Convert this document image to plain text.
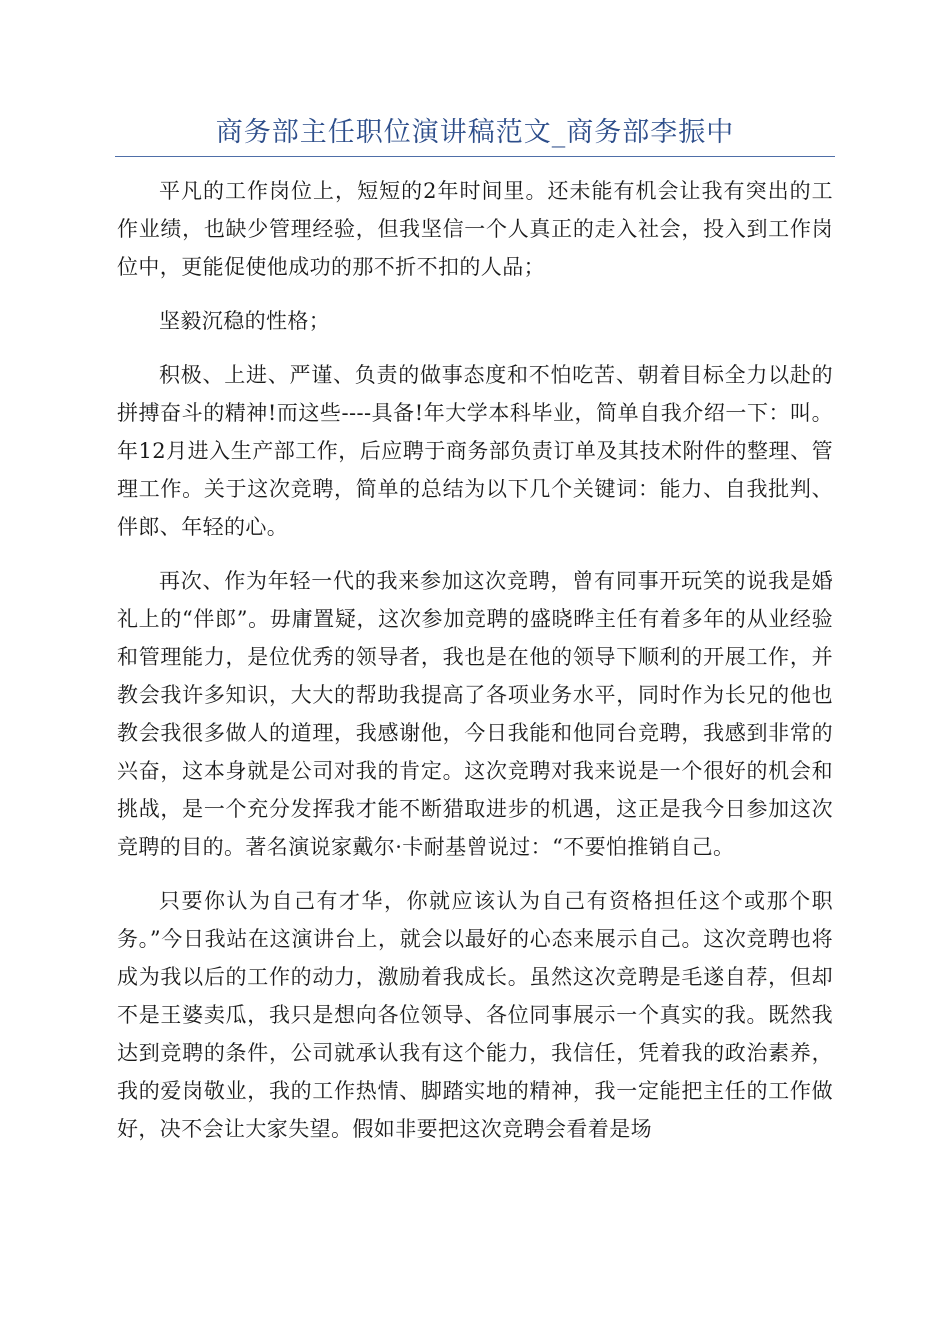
商务部主任职位演讲稿范文_商务部李振中

平凡的工作岗位上，短短的2年时间里。还未能有机会让我有突出的工作业绩，也缺少管理经验，但我坚信一个人真正的走入社会，投入到工作岗位中，更能促使他成功的那不折不扣的人品；

坚毅沉稳的性格；

积极、上进、严谨、负责的做事态度和不怕吃苦、朝着目标全力以赴的拼搏奋斗的精神!而这些----具备!年大学本科毕业，简单自我介绍一下：叫。年12月进入生产部工作，后应聘于商务部负责订单及其技术附件的整理、管理工作。关于这次竞聘，简单的总结为以下几个关键词：能力、自我批判、伴郎、年轻的心。

再次、作为年轻一代的我来参加这次竞聘，曾有同事开玩笑的说我是婚礼上的“伴郎”。毋庸置疑，这次参加竞聘的盛晓晔主任有着多年的从业经验和管理能力，是位优秀的领导者，我也是在他的领导下顺利的开展工作，并教会我许多知识，大大的帮助我提高了各项业务水平，同时作为长兄的他也教会我很多做人的道理，我感谢他，今日我能和他同台竞聘，我感到非常的兴奋，这本身就是公司对我的肯定。这次竞聘对我来说是一个很好的机会和挑战，是一个充分发挥我才能不断猎取进步的机遇，这正是我今日参加这次竞聘的目的。著名演说家戴尔·卡耐基曾说过：“不要怕推销自己。

只要你认为自己有才华，你就应该认为自己有资格担任这个或那个职务。”今日我站在这演讲台上，就会以最好的心态来展示自己。这次竞聘也将成为我以后的工作的动力，激励着我成长。虽然这次竞聘是毛遂自荐，但却不是王婆卖瓜，我只是想向各位领导、各位同事展示一个真实的我。既然我达到竞聘的条件，公司就承认我有这个能力，我信任，凭着我的政治素养，我的爱岗敬业，我的工作热情、脚踏实地的精神，我一定能把主任的工作做好，决不会让大家失望。假如非要把这次竞聘会看着是场
